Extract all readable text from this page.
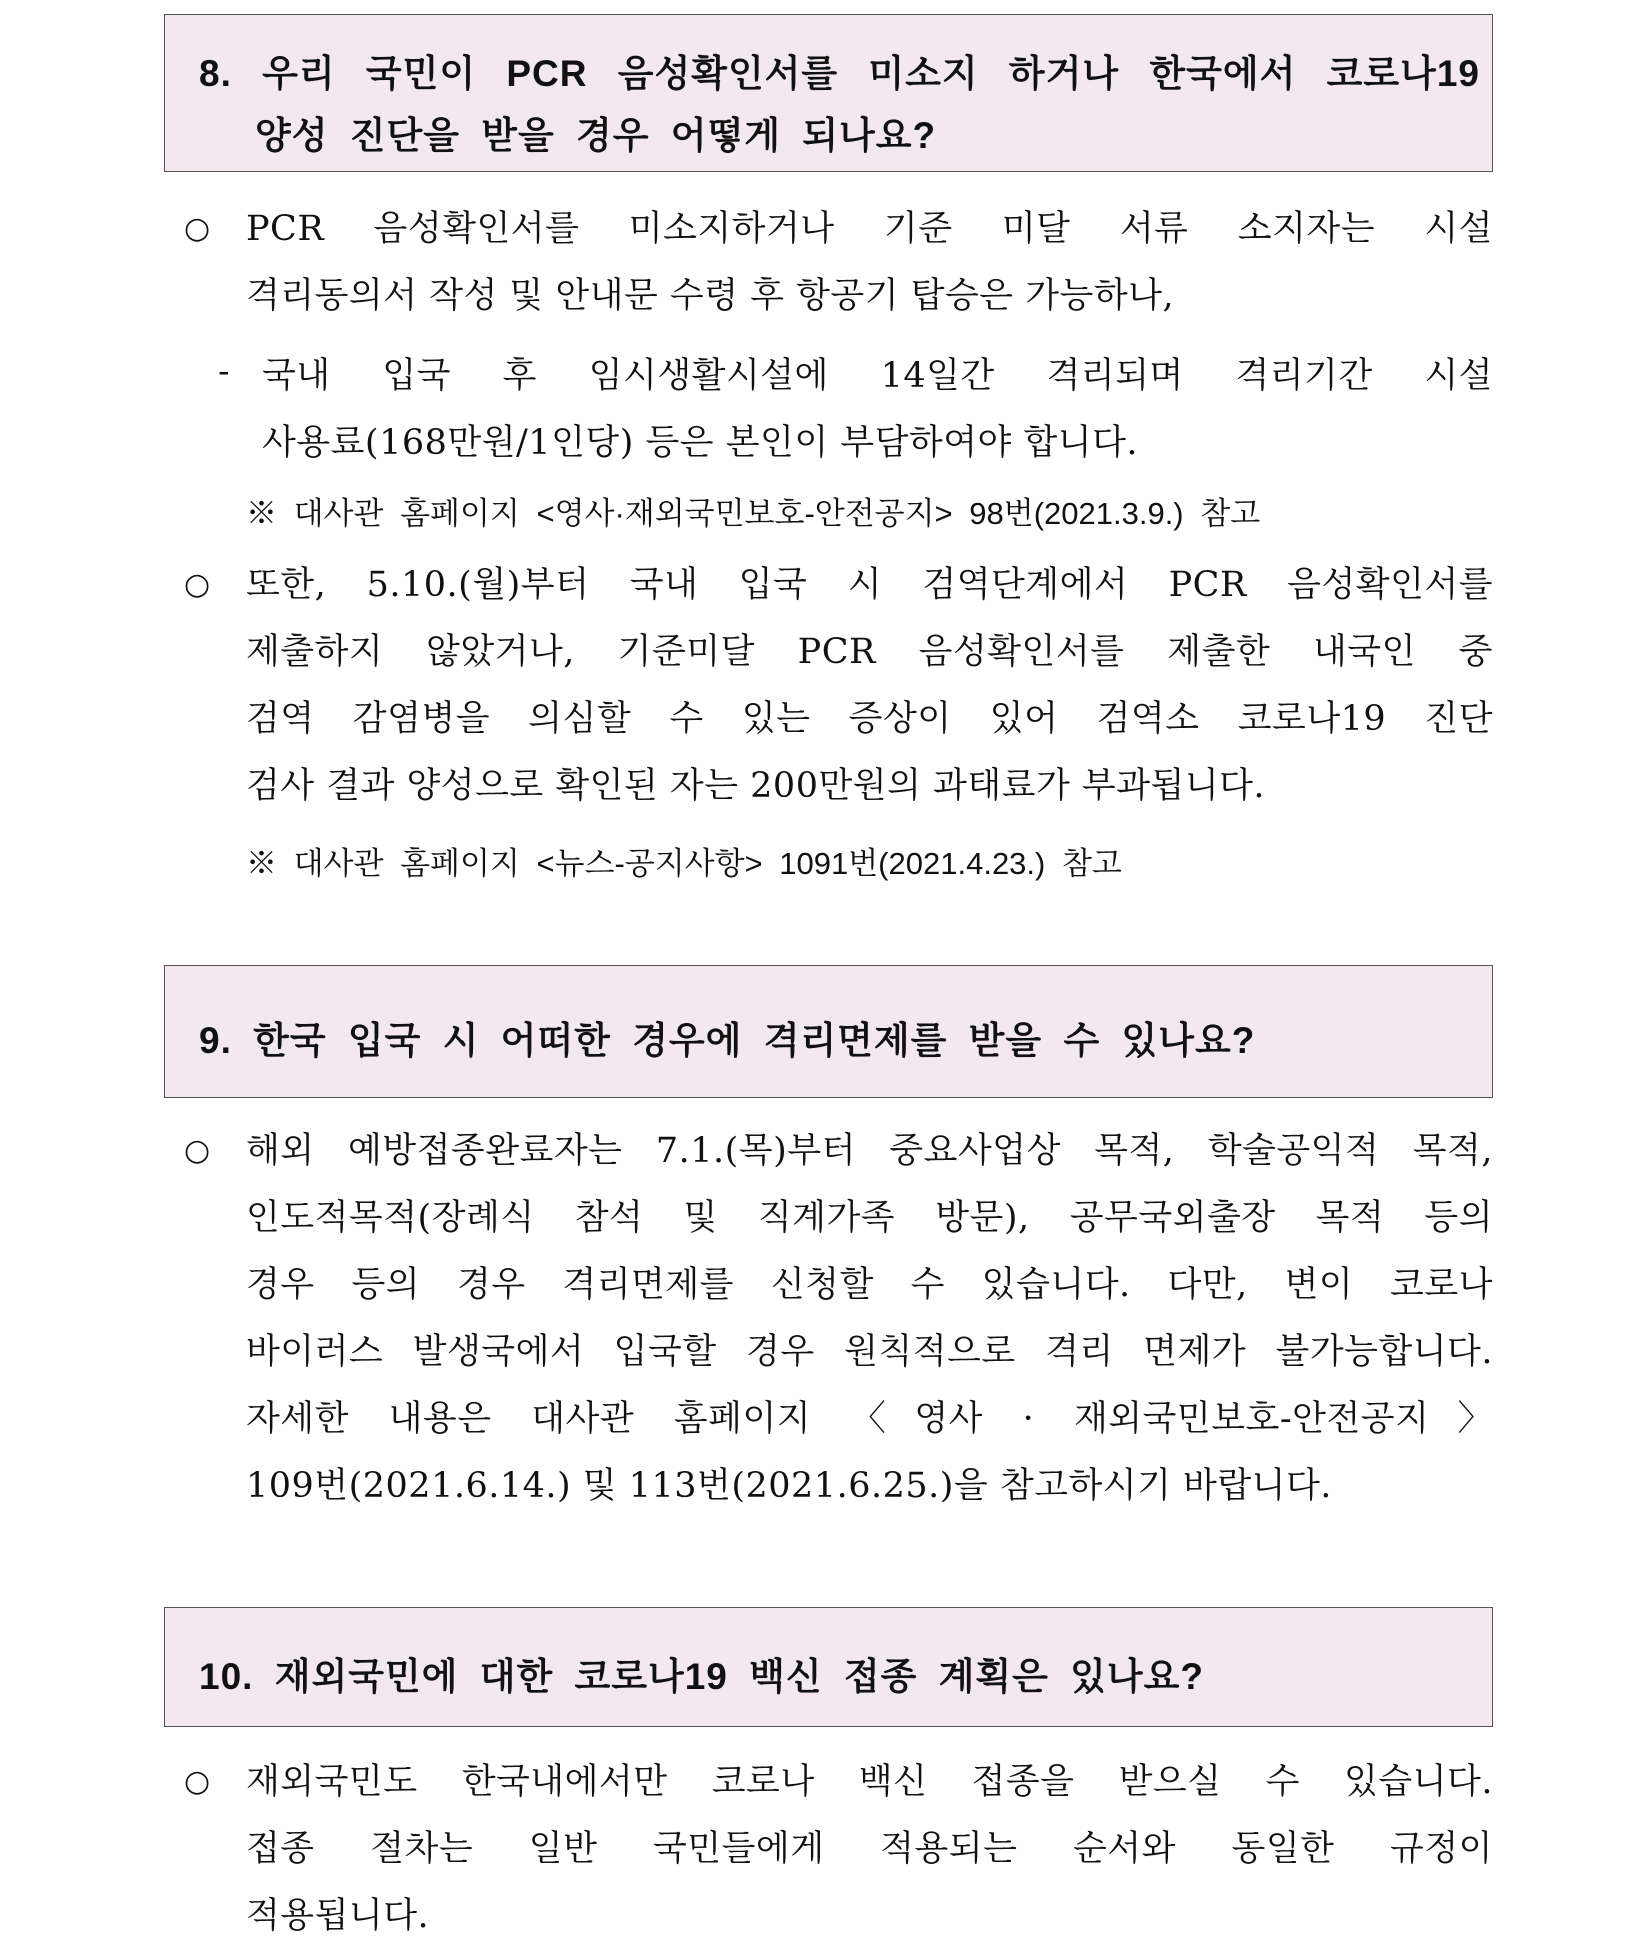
8. 우리 국민이 PCR 음성확인서를 미소지 하거나 한국에서 코로나19
양성 진단을 받을 경우 어떻게 되나요?
○ PCR 음성확인서를 미소지하거나 기준 미달 서류 소지자는 시설
격리동의서 작성 및 안내문 수령 후 항공기 탑승은 가능하나,
- 국내 입국 후 임시생활시설에 14일간 격리되며 격리기간 시설
사용료(168만원/1인당) 등은 본인이 부담하여야 합니다.
※ 대사관 홈페이지 <영사·재외국민보호-안전공지> 98번(2021.3.9.) 참고
○ 또한, 5.10.(월)부터 국내 입국 시 검역단계에서 PCR 음성확인서를
제출하지 않았거나, 기준미달 PCR 음성확인서를 제출한 내국인 중
검역 감염병을 의심할 수 있는 증상이 있어 검역소 코로나19 진단
검사 결과 양성으로 확인된 자는 200만원의 과태료가 부과됩니다.
※ 대사관 홈페이지 <뉴스-공지사항> 1091번(2021.4.23.) 참고
9. 한국 입국 시 어떠한 경우에 격리면제를 받을 수 있나요?
○ 해외 예방접종완료자는 7.1.(목)부터 중요사업상 목적, 학술공익적 목적,
인도적목적(장례식 참석 및 직계가족 방문), 공무국외출장 목적 등의
경우 등의 경우 격리면제를 신청할 수 있습니다. 다만, 변이 코로나
바이러스 발생국에서 입국할 경우 원칙적으로 격리 면제가 불가능합니다.
자세한 내용은 대사관 홈페이지 〈영사 · 재외국민보호-안전공지〉
109번(2021.6.14.) 및 113번(2021.6.25.)을 참고하시기 바랍니다.
10. 재외국민에 대한 코로나19 백신 접종 계획은 있나요?
○ 재외국민도 한국내에서만 코로나 백신 접종을 받으실 수 있습니다.
접종 절차는 일반 국민들에게 적용되는 순서와 동일한 규정이
적용됩니다.
